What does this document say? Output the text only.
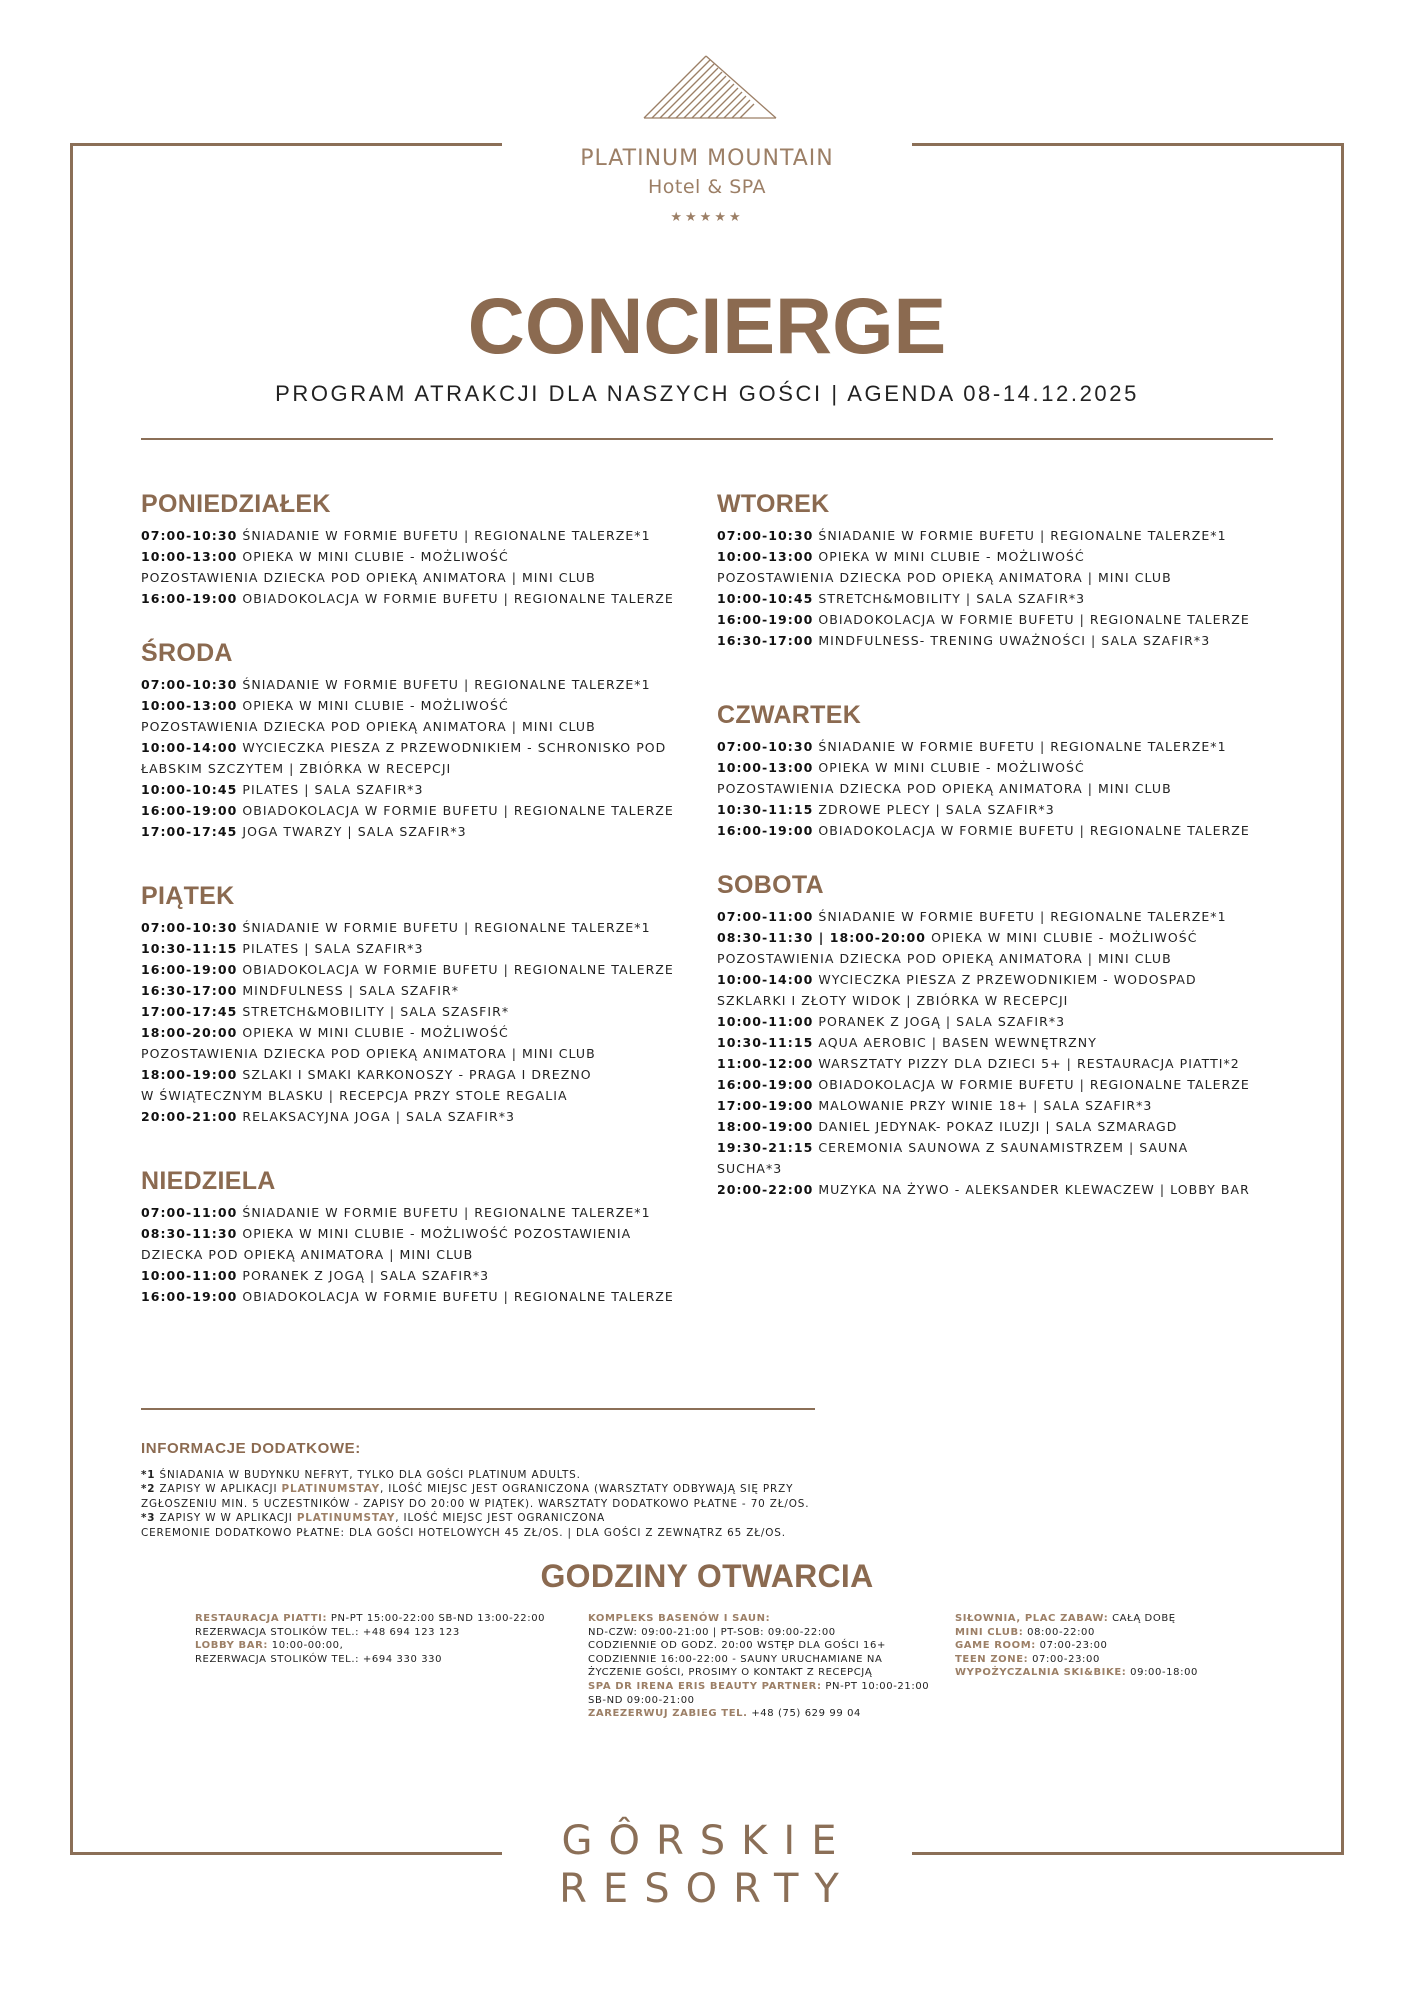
PLATINUM MOUNTAIN
Hotel & SPA
★★★★★
CONCIERGE
PROGRAM ATRAKCJI DLA NASZYCH GOŚCI | AGENDA 08-14.12.2025
PONIEDZIAŁEK

07:00-10:30 ŚNIADANIE W FORMIE BUFETU | REGIONALNE TALERZE*1

10:00-13:00 OPIEKA W MINI CLUBIE - MOŻLIWOŚĆ

POZOSTAWIENIA DZIECKA POD OPIEKĄ ANIMATORA | MINI CLUB

16:00-19:00 OBIADOKOLACJA W FORMIE BUFETU | REGIONALNE TALERZE

ŚRODA

07:00-10:30 ŚNIADANIE W FORMIE BUFETU | REGIONALNE TALERZE*1

10:00-13:00 OPIEKA W MINI CLUBIE - MOŻLIWOŚĆ

POZOSTAWIENIA DZIECKA POD OPIEKĄ ANIMATORA | MINI CLUB

10:00-14:00 WYCIECZKA PIESZA Z PRZEWODNIKIEM - SCHRONISKO POD

ŁABSKIM SZCZYTEM | ZBIÓRKA W RECEPCJI

10:00-10:45 PILATES | SALA SZAFIR*3

16:00-19:00 OBIADOKOLACJA W FORMIE BUFETU | REGIONALNE TALERZE

17:00-17:45 JOGA TWARZY | SALA SZAFIR*3

PIĄTEK

07:00-10:30 ŚNIADANIE W FORMIE BUFETU | REGIONALNE TALERZE*1

10:30-11:15 PILATES | SALA SZAFIR*3

16:00-19:00 OBIADOKOLACJA W FORMIE BUFETU | REGIONALNE TALERZE

16:30-17:00 MINDFULNESS | SALA SZAFIR*

17:00-17:45 STRETCH&MOBILITY | SALA SZASFIR*

18:00-20:00 OPIEKA W MINI CLUBIE - MOŻLIWOŚĆ

POZOSTAWIENIA DZIECKA POD OPIEKĄ ANIMATORA | MINI CLUB

18:00-19:00 SZLAKI I SMAKI KARKONOSZY - PRAGA I DREZNO

W ŚWIĄTECZNYM BLASKU | RECEPCJA PRZY STOLE REGALIA

20:00-21:00 RELAKSACYJNA JOGA | SALA SZAFIR*3

NIEDZIELA

07:00-11:00 ŚNIADANIE W FORMIE BUFETU | REGIONALNE TALERZE*1

08:30-11:30 OPIEKA W MINI CLUBIE - MOŻLIWOŚĆ POZOSTAWIENIA

DZIECKA POD OPIEKĄ ANIMATORA | MINI CLUB

10:00-11:00 PORANEK Z JOGĄ | SALA SZAFIR*3

16:00-19:00 OBIADOKOLACJA W FORMIE BUFETU | REGIONALNE TALERZE

WTOREK

07:00-10:30 ŚNIADANIE W FORMIE BUFETU | REGIONALNE TALERZE*1

10:00-13:00 OPIEKA W MINI CLUBIE - MOŻLIWOŚĆ

POZOSTAWIENIA DZIECKA POD OPIEKĄ ANIMATORA | MINI CLUB

10:00-10:45 STRETCH&MOBILITY | SALA SZAFIR*3

16:00-19:00 OBIADOKOLACJA W FORMIE BUFETU | REGIONALNE TALERZE

16:30-17:00 MINDFULNESS- TRENING UWAŻNOŚCI | SALA SZAFIR*3

CZWARTEK

07:00-10:30 ŚNIADANIE W FORMIE BUFETU | REGIONALNE TALERZE*1

10:00-13:00 OPIEKA W MINI CLUBIE - MOŻLIWOŚĆ

POZOSTAWIENIA DZIECKA POD OPIEKĄ ANIMATORA | MINI CLUB

10:30-11:15 ZDROWE PLECY | SALA SZAFIR*3

16:00-19:00 OBIADOKOLACJA W FORMIE BUFETU | REGIONALNE TALERZE

SOBOTA

07:00-11:00 ŚNIADANIE W FORMIE BUFETU | REGIONALNE TALERZE*1

08:30-11:30 | 18:00-20:00 OPIEKA W MINI CLUBIE - MOŻLIWOŚĆ

POZOSTAWIENIA DZIECKA POD OPIEKĄ ANIMATORA | MINI CLUB

10:00-14:00 WYCIECZKA PIESZA Z PRZEWODNIKIEM - WODOSPAD

SZKLARKI I ZŁOTY WIDOK | ZBIÓRKA W RECEPCJI

10:00-11:00 PORANEK Z JOGĄ | SALA SZAFIR*3

10:30-11:15 AQUA AEROBIC | BASEN WEWNĘTRZNY

11:00-12:00 WARSZTATY PIZZY DLA DZIECI 5+ | RESTAURACJA PIATTI*2

16:00-19:00 OBIADOKOLACJA W FORMIE BUFETU | REGIONALNE TALERZE

17:00-19:00 MALOWANIE PRZY WINIE 18+ | SALA SZAFIR*3

18:00-19:00 DANIEL JEDYNAK- POKAZ ILUZJI | SALA SZMARAGD

19:30-21:15 CEREMONIA SAUNOWA Z SAUNAMISTRZEM | SAUNA

SUCHA*3

20:00-22:00 MUZYKA NA ŻYWO - ALEKSANDER KLEWACZEW | LOBBY BAR

INFORMACJE DODATKOWE:

*1 ŚNIADANIA W BUDYNKU NEFRYT, TYLKO DLA GOŚCI PLATINUM ADULTS.

*2 ZAPISY W APLIKACJI PLATINUMSTAY, ILOŚĆ MIEJSC JEST OGRANICZONA (WARSZTATY ODBYWAJĄ SIĘ PRZY

ZGŁOSZENIU MIN. 5 UCZESTNIKÓW - ZAPISY DO 20:00 W PIĄTEK). WARSZTATY DODATKOWO PŁATNE - 70 ZŁ/OS.

*3 ZAPISY W W APLIKACJI PLATINUMSTAY, ILOŚĆ MIEJSC JEST OGRANICZONA

CEREMONIE DODATKOWO PŁATNE: DLA GOŚCI HOTELOWYCH 45 ZŁ/OS. | DLA GOŚCI Z ZEWNĄTRZ 65 ZŁ/OS.

GODZINY OTWARCIA

RESTAURACJA PIATTI: PN-PT 15:00-22:00 SB-ND 13:00-22:00

REZERWACJA STOLIKÓW TEL.: +48 694 123 123

LOBBY BAR: 10:00-00:00,

REZERWACJA STOLIKÓW TEL.: +694 330 330

KOMPLEKS BASENÓW I SAUN:

ND-CZW: 09:00-21:00 | PT-SOB: 09:00-22:00

CODZIENNIE OD GODZ. 20:00 WSTĘP DLA GOŚCI 16+

CODZIENNIE 16:00-22:00 - SAUNY URUCHAMIANE NA

ŻYCZENIE GOŚCI, PROSIMY O KONTAKT Z RECEPCJĄ

SPA DR IRENA ERIS BEAUTY PARTNER: PN-PT 10:00-21:00

SB-ND 09:00-21:00

ZAREZERWUJ ZABIEG TEL. +48 (75) 629 99 04

SIŁOWNIA, PLAC ZABAW: CAŁĄ DOBĘ

MINI CLUB: 08:00-22:00

GAME ROOM: 07:00-23:00

TEEN ZONE: 07:00-23:00

WYPOŻYCZALNIA SKI&BIKE: 09:00-18:00

GÔRSKIE
RESORTY
